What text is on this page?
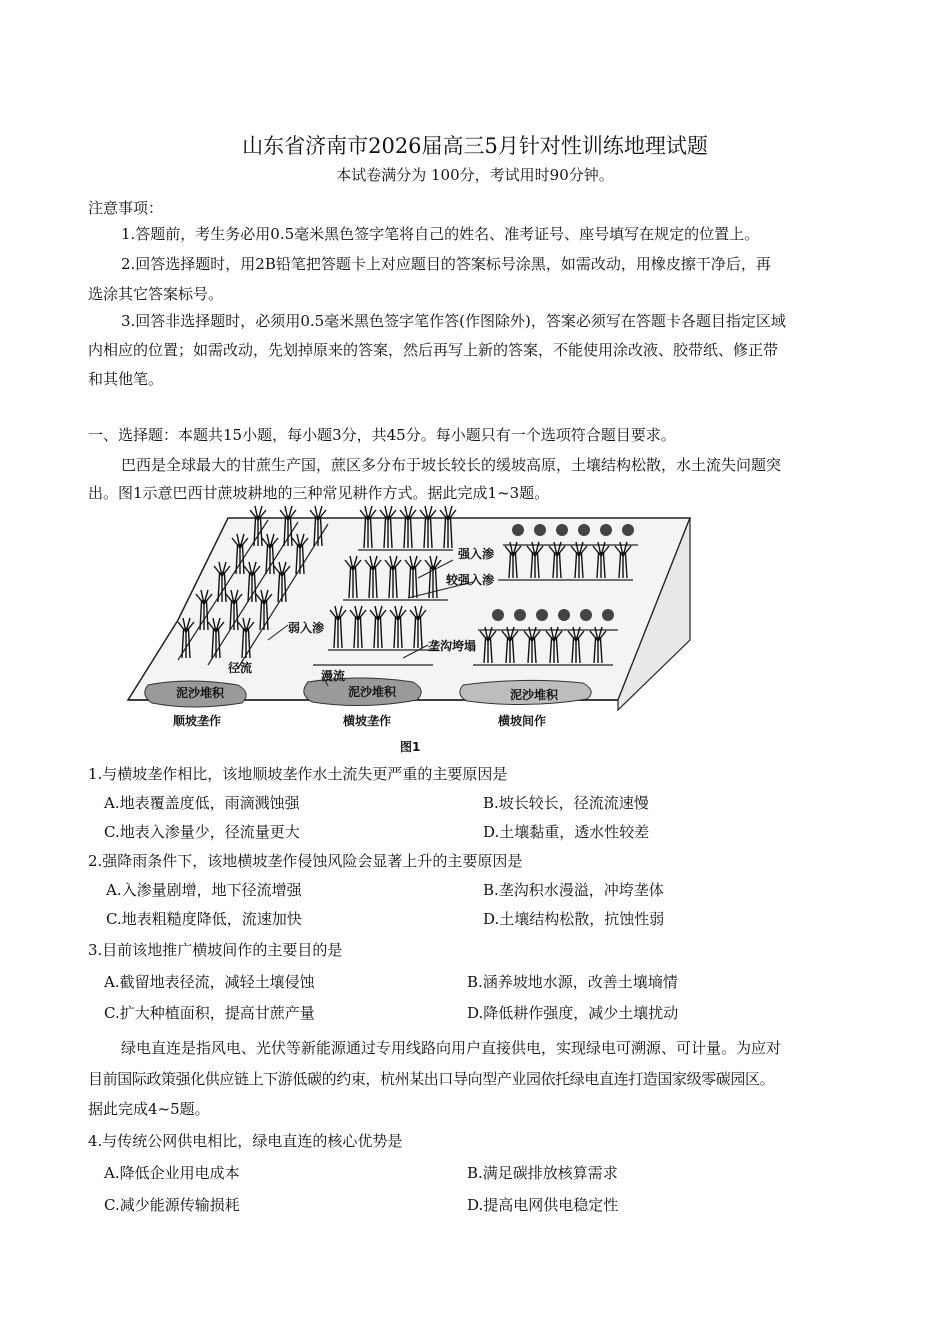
山东省济南市2026届高三5月针对性训练地理试题
本试卷满分为 100分，考试用时90分钟。
注意事项：
1.答题前，考生务必用0.5毫米黑色签字笔将自己的姓名、准考证号、座号填写在规定的位置上。
2.回答选择题时，用2B铅笔把答题卡上对应题目的答案标号涂黑，如需改动，用橡皮擦干净后，再
选涂其它答案标号。
3.回答非选择题时，必须用0.5毫米黑色签字笔作答(作图除外)，答案必须写在答题卡各题目指定区域
内相应的位置；如需改动，先划掉原来的答案，然后再写上新的答案，不能使用涂改液、胶带纸、修正带
和其他笔。
一、选择题：本题共15小题，每小题3分，共45分。每小题只有一个选项符合题目要求。
巴西是全球最大的甘蔗生产国，蔗区多分布于坡长较长的缓坡高原，土壤结构松散，水土流失问题突
出。图1示意巴西甘蔗坡耕地的三种常见耕作方式。据此完成1~3题。
强入渗
较强入渗
弱入渗
径流
漫流
垄沟垮塌
泥沙堆积	泥沙堆积	泥沙堆积
顺坡垄作	横坡垄作	横坡间作
图1
1.与横坡垄作相比，该地顺坡垄作水土流失更严重的主要原因是
A.地表覆盖度低，雨滴溅蚀强	B.坡长较长，径流流速慢
C.地表入渗量少，径流量更大	D.土壤黏重，透水性较差
2.强降雨条件下，该地横坡垄作侵蚀风险会显著上升的主要原因是
A.入渗量剧增，地下径流增强	B.垄沟积水漫溢，冲垮垄体
C.地表粗糙度降低，流速加快	D.土壤结构松散，抗蚀性弱
3.目前该地推广横坡间作的主要目的是
A.截留地表径流，减轻土壤侵蚀	B.涵养坡地水源，改善土壤墒情
C.扩大种植面积，提高甘蔗产量	D.降低耕作强度，减少土壤扰动
绿电直连是指风电、光伏等新能源通过专用线路向用户直接供电，实现绿电可溯源、可计量。为应对
目前国际政策强化供应链上下游低碳的约束，杭州某出口导向型产业园依托绿电直连打造国家级零碳园区。
据此完成4~5题。
4.与传统公网供电相比，绿电直连的核心优势是
A.降低企业用电成本	B.满足碳排放核算需求
C.减少能源传输损耗	D.提高电网供电稳定性
